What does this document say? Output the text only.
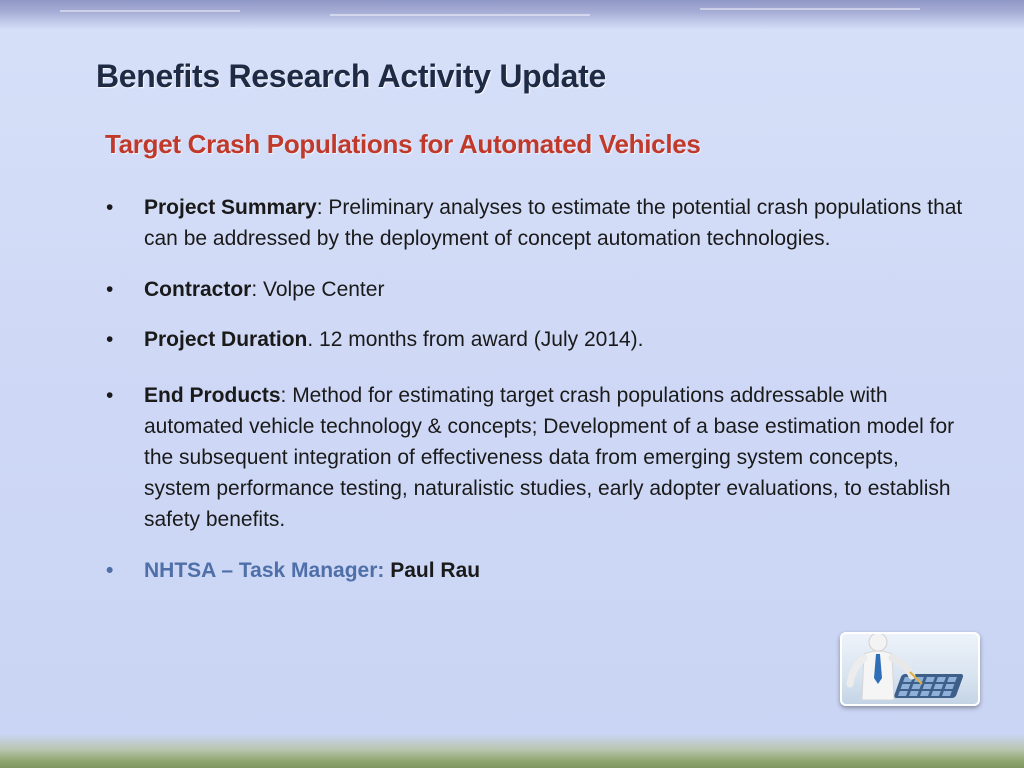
Benefits Research Activity Update
Target Crash Populations for Automated Vehicles
• Project Summary: Preliminary analyses to estimate the potential crash populations that can be addressed by the deployment of concept automation technologies.
• Contractor: Volpe Center
• Project Duration. 12 months from award (July 2014).
• End Products: Method for estimating target crash populations addressable with automated vehicle technology & concepts; Development of a base estimation model for the subsequent integration of effectiveness data from emerging system concepts, system performance testing, naturalistic studies, early adopter evaluations, to establish safety benefits.
• NHTSA – Task Manager: Paul Rau
